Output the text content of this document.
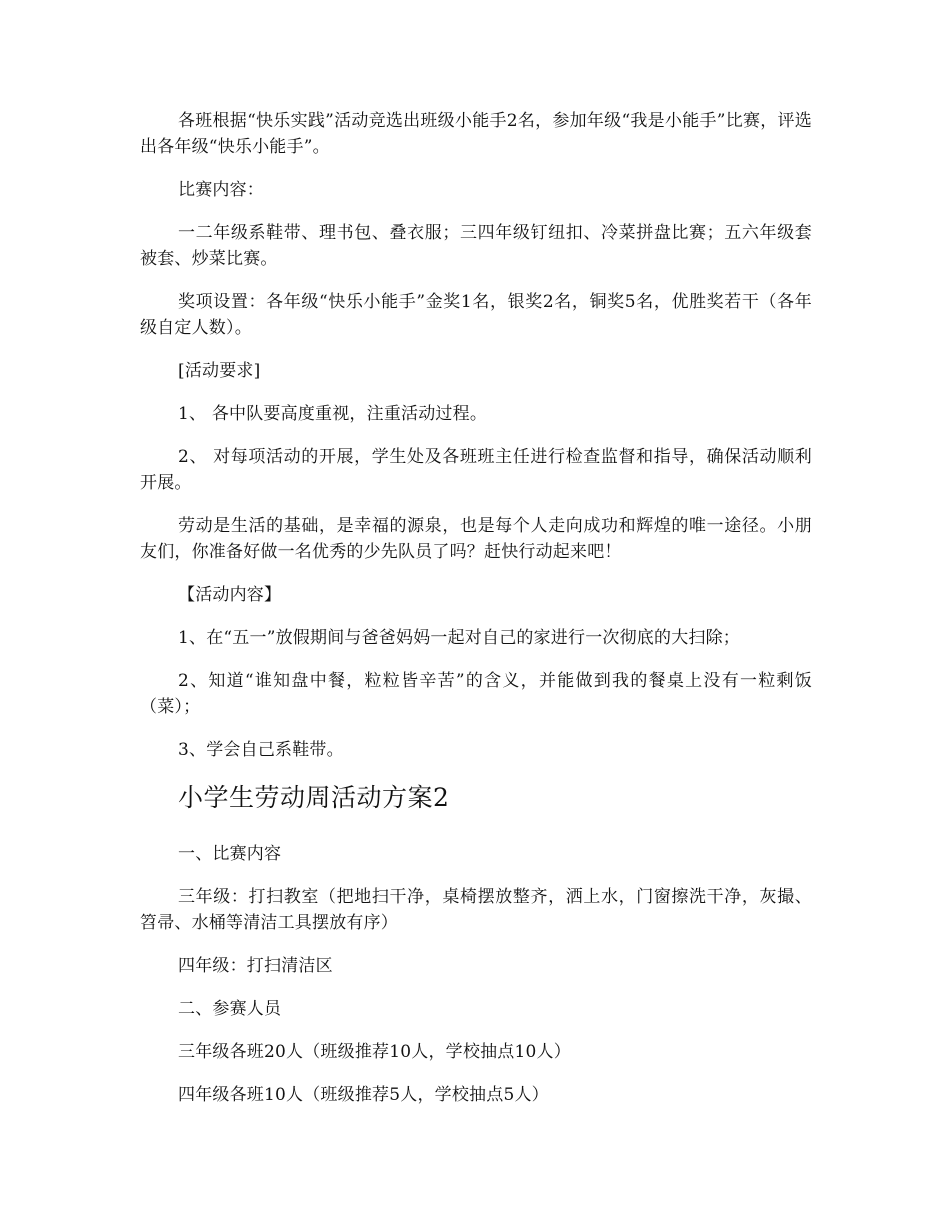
各班根据“快乐实践”活动竞选出班级小能手2名，参加年级“我是小能手”比赛，评选出各年级“快乐小能手”。

比赛内容：

一二年级系鞋带、理书包、叠衣服；三四年级钉纽扣、冷菜拼盘比赛；五六年级套被套、炒菜比赛。

奖项设置：各年级“快乐小能手”金奖1名，银奖2名，铜奖5名，优胜奖若干（各年级自定人数）。

[活动要求]

1、 各中队要高度重视，注重活动过程。

2、 对每项活动的开展，学生处及各班班主任进行检查监督和指导，确保活动顺利开展。

劳动是生活的基础，是幸福的源泉，也是每个人走向成功和辉煌的唯一途径。小朋友们，你准备好做一名优秀的少先队员了吗？赶快行动起来吧！

【活动内容】

1、在“五一”放假期间与爸爸妈妈一起对自己的家进行一次彻底的大扫除；

2、知道“谁知盘中餐，粒粒皆辛苦”的含义，并能做到我的餐桌上没有一粒剩饭（菜）；

3、学会自己系鞋带。

小学生劳动周活动方案2

一、比赛内容

三年级：打扫教室（把地扫干净，桌椅摆放整齐，洒上水，门窗擦洗干净，灰撮、笤帚、水桶等清洁工具摆放有序）

四年级：打扫清洁区

二、参赛人员

三年级各班20人（班级推荐10人，学校抽点10人）

四年级各班10人（班级推荐5人，学校抽点5人）
